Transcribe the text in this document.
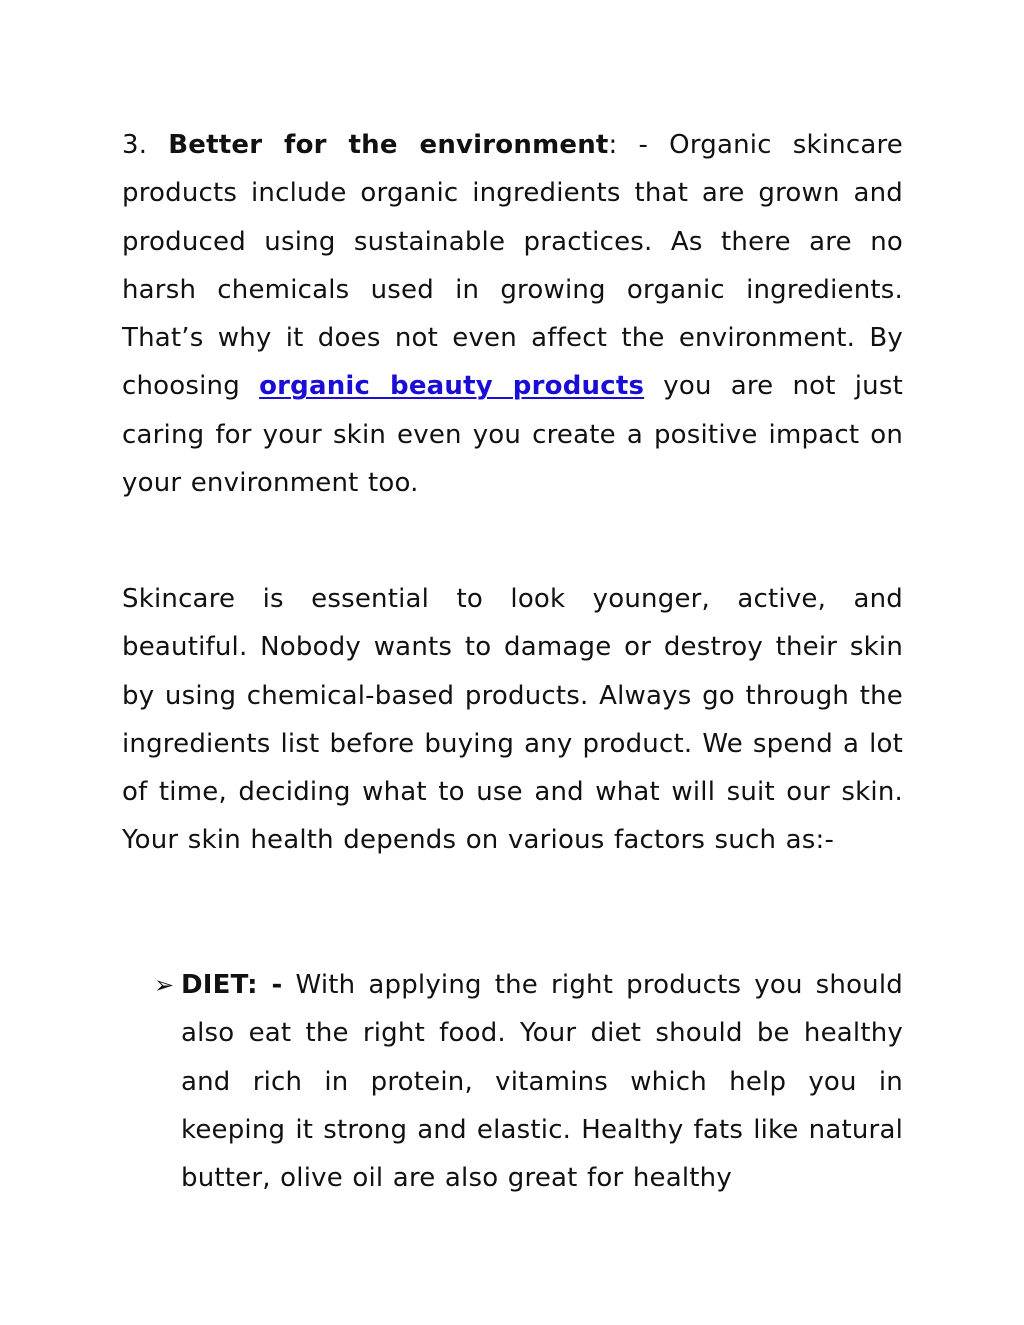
3. Better for the environment: - Organic skincare products include organic ingredients that are grown and produced using sustainable practices. As there are no harsh chemicals used in growing organic ingredients. That’s why it does not even affect the environment. By choosing organic beauty products you are not just caring for your skin even you create a positive impact on your environment too.

Skincare is essential to look younger, active, and beautiful. Nobody wants to damage or destroy their skin by using chemical-based products. Always go through the ingredients list before buying any product. We spend a lot of time, deciding what to use and what will suit our skin. Your skin health depends on various factors such as:-

➢ DIET: - With applying the right products you should also eat the right food. Your diet should be healthy and rich in protein, vitamins which help you in keeping it strong and elastic. Healthy fats like natural butter, olive oil are also great for healthy
